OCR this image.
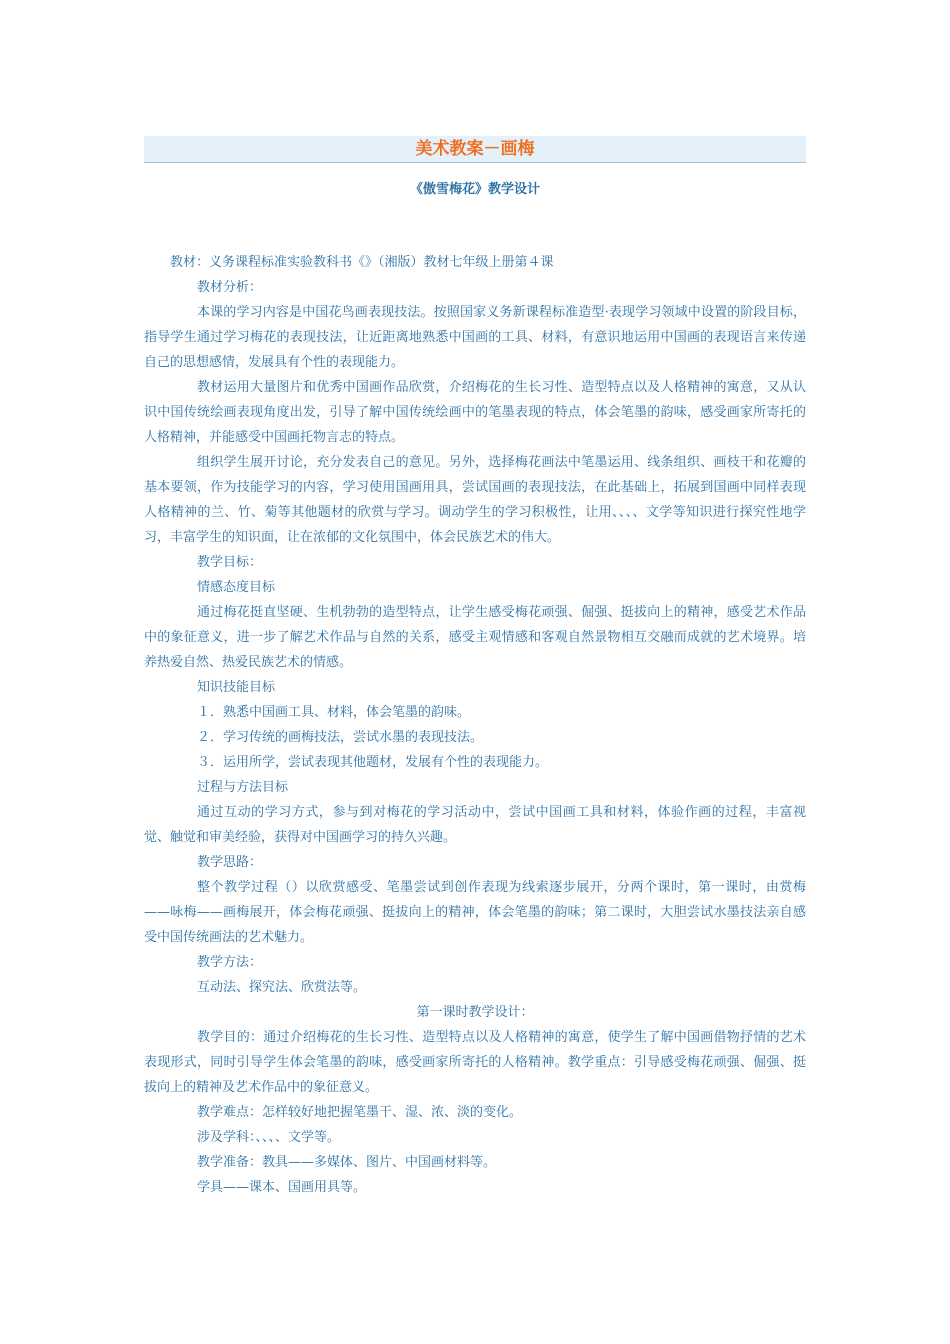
美术教案－画梅
《傲雪梅花》教学设计

教材：义务课程标准实验教科书《》（湘版）教材七年级上册第４课

教材分析：

本课的学习内容是中国花鸟画表现技法。按照国家义务新课程标准造型·表现学习领域中设置的阶段目标，指导学生通过学习梅花的表现技法，让近距离地熟悉中国画的工具、材料，有意识地运用中国画的表现语言来传递自己的思想感情，发展具有个性的表现能力。

教材运用大量图片和优秀中国画作品欣赏，介绍梅花的生长习性、造型特点以及人格精神的寓意，又从认识中国传统绘画表现角度出发，引导了解中国传统绘画中的笔墨表现的特点，体会笔墨的韵味，感受画家所寄托的人格精神，并能感受中国画托物言志的特点。

组织学生展开讨论，充分发表自己的意见。另外，选择梅花画法中笔墨运用、线条组织、画枝干和花瓣的基本要领，作为技能学习的内容，学习使用国画用具，尝试国画的表现技法，在此基础上，拓展到国画中同样表现人格精神的兰、竹、菊等其他题材的欣赏与学习。调动学生的学习积极性，让用、、、、文学等知识进行探究性地学习，丰富学生的知识面，让在浓郁的文化氛围中，体会民族艺术的伟大。

教学目标：

情感态度目标

通过梅花挺直坚硬、生机勃勃的造型特点，让学生感受梅花顽强、倔强、挺拔向上的精神，感受艺术作品中的象征意义，进一步了解艺术作品与自然的关系，感受主观情感和客观自然景物相互交融而成就的艺术境界。培养热爱自然、热爱民族艺术的情感。

知识技能目标

１．熟悉中国画工具、材料，体会笔墨的韵味。

２．学习传统的画梅技法，尝试水墨的表现技法。

３．运用所学，尝试表现其他题材，发展有个性的表现能力。

过程与方法目标

通过互动的学习方式，参与到对梅花的学习活动中，尝试中国画工具和材料，体验作画的过程，丰富视觉、触觉和审美经验，获得对中国画学习的持久兴趣。

教学思路：

整个教学过程（）以欣赏感受、笔墨尝试到创作表现为线索逐步展开，分两个课时，第一课时，由赏梅——咏梅——画梅展开，体会梅花顽强、挺拔向上的精神，体会笔墨的韵味；第二课时，大胆尝试水墨技法亲自感受中国传统画法的艺术魅力。

教学方法：

互动法、探究法、欣赏法等。

第一课时教学设计：

教学目的：通过介绍梅花的生长习性、造型特点以及人格精神的寓意，使学生了解中国画借物抒情的艺术表现形式，同时引导学生体会笔墨的韵味，感受画家所寄托的人格精神。教学重点：引导感受梅花顽强、倔强、挺拔向上的精神及艺术作品中的象征意义。

教学难点：怎样较好地把握笔墨干、湿、浓、淡的变化。

涉及学科：、、、、文学等。

教学准备：教具——多媒体、图片、中国画材料等。

学具——课本、国画用具等。
